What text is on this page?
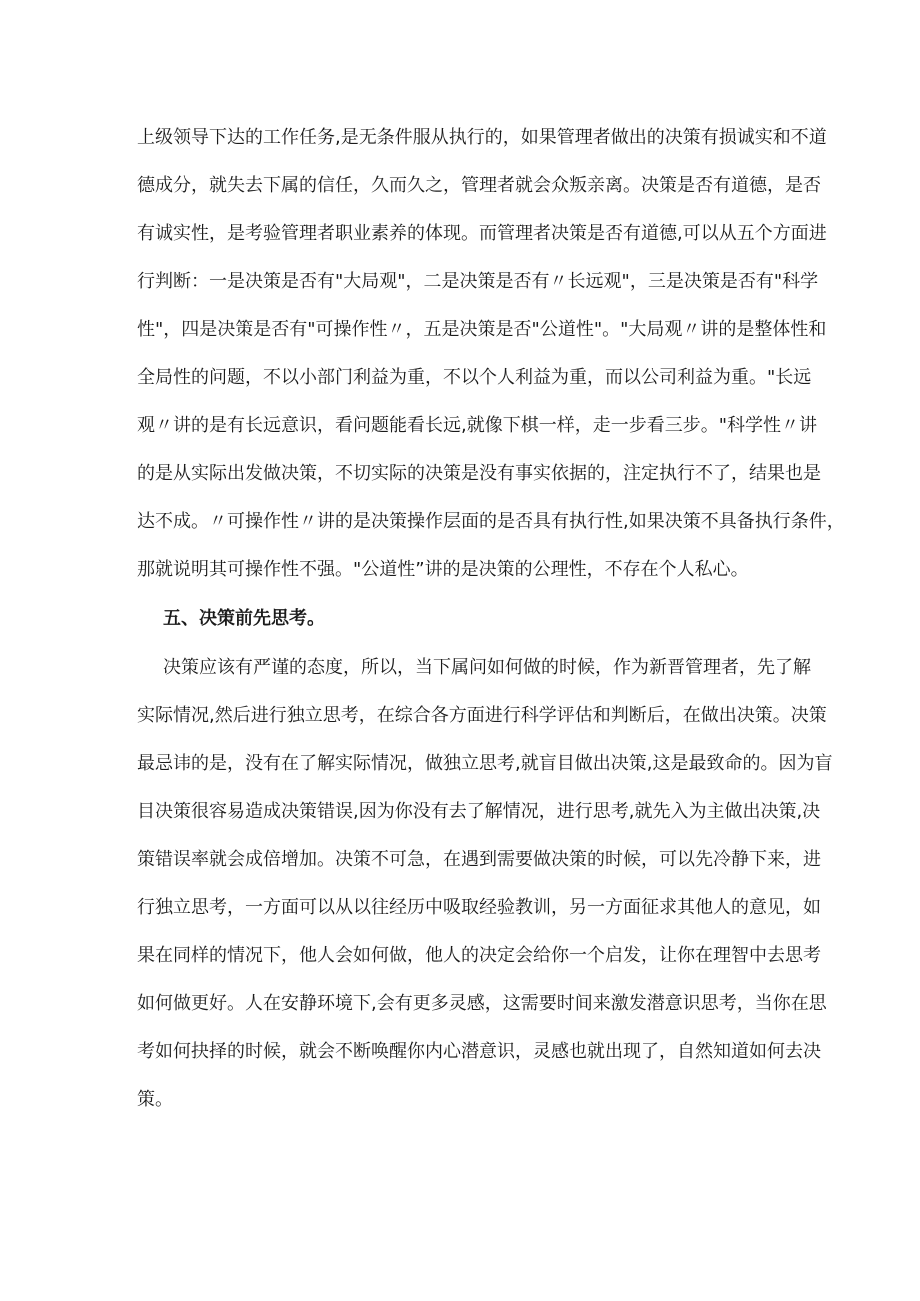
上级领导下达的工作任务,是无条件服从执行的，如果管理者做出的决策有损诚实和不道
德成分，就失去下属的信任，久而久之，管理者就会众叛亲离。决策是否有道德，是否
有诚实性，是考验管理者职业素养的体现。而管理者决策是否有道德,可以从五个方面进
行判断：一是决策是否有"大局观"，二是决策是否有〃长远观"，三是决策是否有"科学
性"，四是决策是否有"可操作性〃，五是决策是否"公道性"。"大局观〃讲的是整体性和
全局性的问题，不以小部门利益为重，不以个人利益为重，而以公司利益为重。"长远
观〃讲的是有长远意识，看问题能看长远,就像下棋一样，走一步看三步。"科学性〃讲
的是从实际出发做决策，不切实际的决策是没有事实依据的，注定执行不了，结果也是
达不成。〃可操作性〃讲的是决策操作层面的是否具有执行性,如果决策不具备执行条件，
那就说明其可操作性不强。"公道性”讲的是决策的公理性，不存在个人私心。
五、决策前先思考。
决策应该有严谨的态度，所以，当下属问如何做的时候，作为新晋管理者，先了解
实际情况,然后进行独立思考，在综合各方面进行科学评估和判断后，在做出决策。决策
最忌讳的是，没有在了解实际情况，做独立思考,就盲目做出决策,这是最致命的。因为盲
目决策很容易造成决策错误,因为你没有去了解情况，进行思考,就先入为主做出决策,决
策错误率就会成倍增加。决策不可急，在遇到需要做决策的时候，可以先冷静下来，进
行独立思考，一方面可以从以往经历中吸取经验教训，另一方面征求其他人的意见，如
果在同样的情况下，他人会如何做，他人的决定会给你一个启发，让你在理智中去思考
如何做更好。人在安静环境下,会有更多灵感，这需要时间来激发潜意识思考，当你在思
考如何抉择的时候，就会不断唤醒你内心潜意识，灵感也就出现了，自然知道如何去决
策。
